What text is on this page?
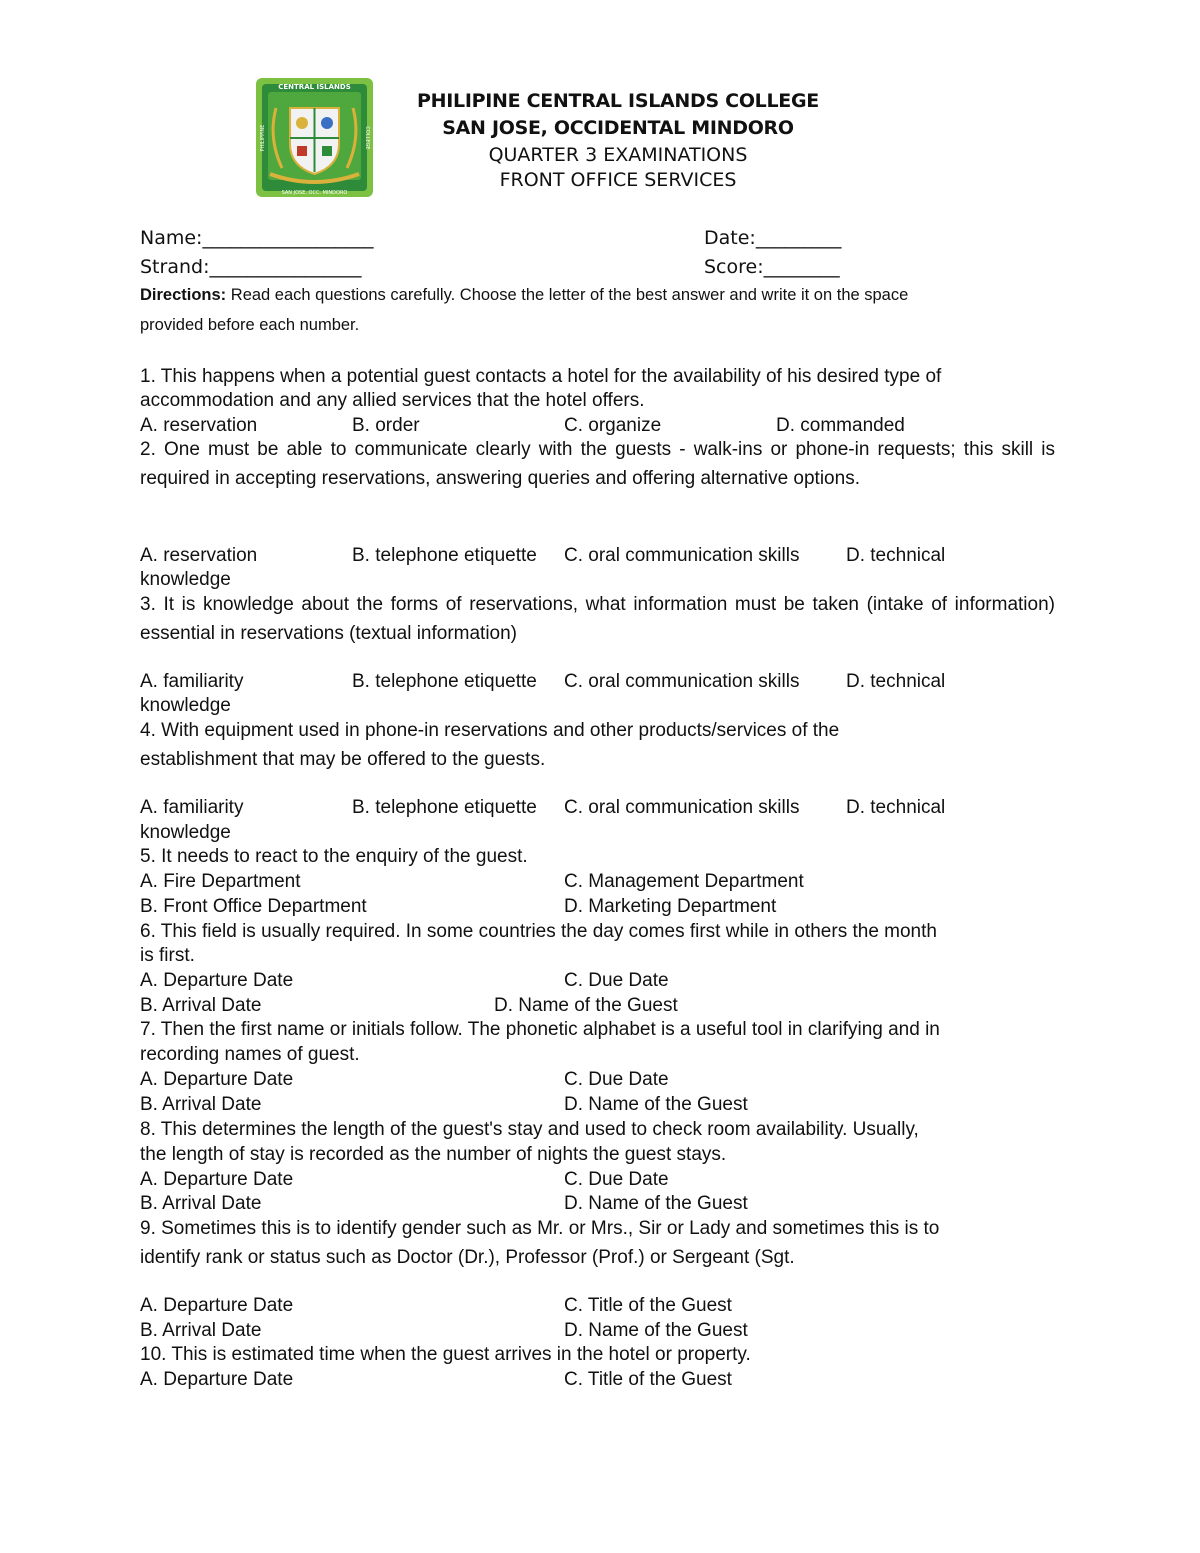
CENTRAL ISLANDS
SAN JOSE, OCC. MINDORO
PHILIPPINE	COLLEGE
PHILIPINE CENTRAL ISLANDS COLLEGE
SAN JOSE, OCCIDENTAL MINDORO
QUARTER 3 EXAMINATIONS
FRONT OFFICE SERVICES
Name:__________________	Date:_________
Strand:________________	Score:________
Directions: Read each questions carefully. Choose the letter of the best answer and write it on the space
provided before each number.
1. This happens when a potential guest contacts a hotel for the availability of his desired type of
accommodation and any allied services that the hotel offers.
A. reservation	B. order	C. organize	D. commanded
2. One must be able to communicate clearly with the guests - walk-ins or phone-in requests; this skill is required in accepting reservations, answering queries and offering alternative options.
A. reservation	B. telephone etiquette C. oral communication skills D. technical
knowledge
3. It is knowledge about the forms of reservations, what information must be taken (intake of information) essential in reservations (textual information)
A. familiarity	B. telephone etiquette C. oral communication skills D. technical
knowledge
4. With equipment used in phone-in reservations and other products/services of the
establishment that may be offered to the guests.
A. familiarity	B. telephone etiquette C. oral communication skills D. technical
knowledge
5. It needs to react to the enquiry of the guest.
A. Fire Department	C. Management Department
B. Front Office Department	D. Marketing Department
6. This field is usually required. In some countries the day comes first while in others the month
is first.
A. Departure Date	C. Due Date
B. Arrival Date	D. Name of the Guest
7. Then the first name or initials follow. The phonetic alphabet is a useful tool in clarifying and in
recording names of guest.
A. Departure Date	C. Due Date
B. Arrival Date	D. Name of the Guest
8. This determines the length of the guest's stay and used to check room availability. Usually,
the length of stay is recorded as the number of nights the guest stays.
A. Departure Date	C. Due Date
B. Arrival Date	D. Name of the Guest
9. Sometimes this is to identify gender such as Mr. or Mrs., Sir or Lady and sometimes this is to
identify rank or status such as Doctor (Dr.), Professor (Prof.) or Sergeant (Sgt.
A. Departure Date	C. Title of the Guest
B. Arrival Date	D. Name of the Guest
10. This is estimated time when the guest arrives in the hotel or property.
A. Departure Date	C. Title of the Guest
